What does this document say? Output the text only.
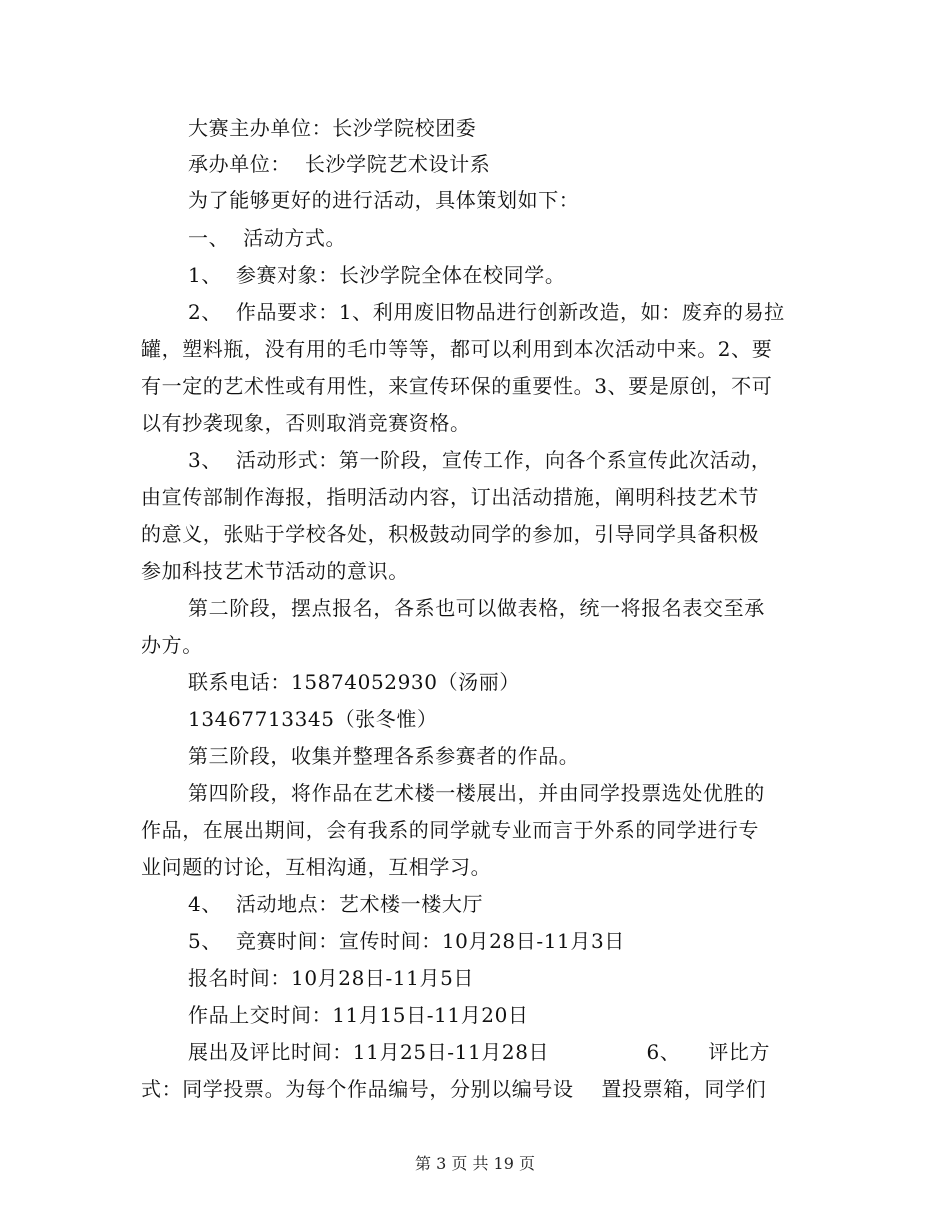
大赛主办单位：长沙学院校团委
承办单位：  长沙学院艺术设计系
为了能够更好的进行活动，具体策划如下：
一、  活动方式。
1、  参赛对象：长沙学院全体在校同学。
2、  作品要求：1、利用废旧物品进行创新改造，如：废弃的易拉
罐，塑料瓶，没有用的毛巾等等，都可以利用到本次活动中来。2、要
有一定的艺术性或有用性，来宣传环保的重要性。3、要是原创，不可
以有抄袭现象，否则取消竞赛资格。
3、  活动形式：第一阶段，宣传工作，向各个系宣传此次活动，
由宣传部制作海报，指明活动内容，订出活动措施，阐明科技艺术节
的意义，张贴于学校各处，积极鼓动同学的参加，引导同学具备积极
参加科技艺术节活动的意识。
第二阶段，摆点报名，各系也可以做表格，统一将报名表交至承
办方。
联系电话：15874052930（汤丽）
13467713345（张冬惟）
第三阶段，收集并整理各系参赛者的作品。
第四阶段，将作品在艺术楼一楼展出，并由同学投票选处优胜的
作品，在展出期间，会有我系的同学就专业而言于外系的同学进行专
业问题的讨论，互相沟通，互相学习。
4、  活动地点：艺术楼一楼大厅
5、  竞赛时间：宣传时间：10月28日-11月3日
报名时间：10月28日-11月5日
作品上交时间：11月15日-11月20日
展出及评比时间：11月25日-11月28日              6、    评比方
式：同学投票。为每个作品编号，分别以编号设    置投票箱，同学们
第 3 页 共 19 页
